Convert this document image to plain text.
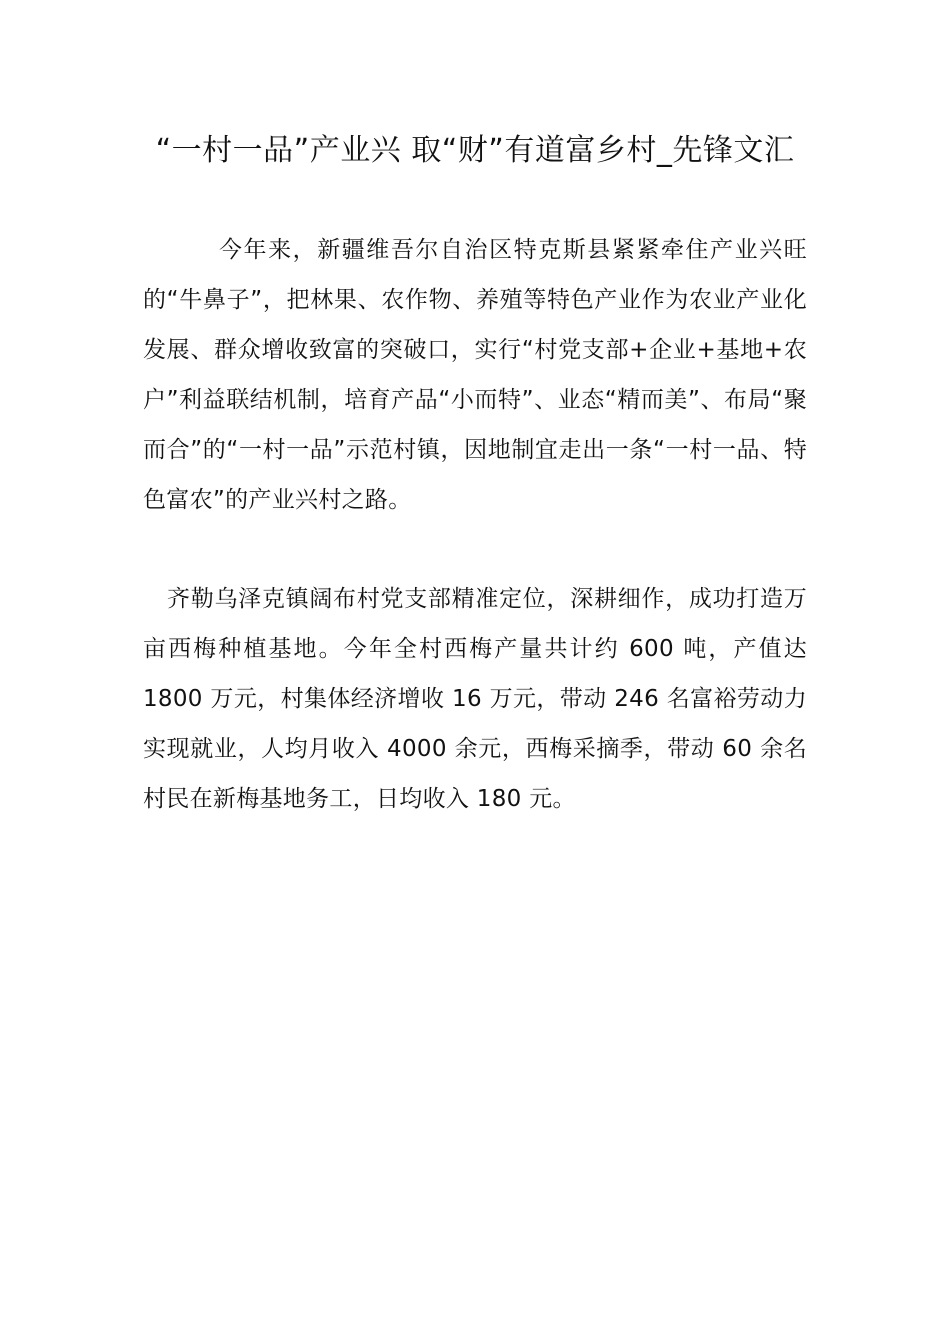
“一村一品”产业兴 取“财”有道富乡村_先锋文汇

今年来，新疆维吾尔自治区特克斯县紧紧牵住产业兴旺的“牛鼻子”，把林果、农作物、养殖等特色产业作为农业产业化发展、群众增收致富的突破口，实行“村党支部+企业+基地+农户”利益联结机制，培育产品“小而特”、业态“精而美”、布局“聚而合”的“一村一品”示范村镇，因地制宜走出一条“一村一品、特色富农”的产业兴村之路。

齐勒乌泽克镇阔布村党支部精准定位，深耕细作，成功打造万亩西梅种植基地。今年全村西梅产量共计约 600 吨，产值达 1800 万元，村集体经济增收 16 万元，带动 246 名富裕劳动力实现就业，人均月收入 4000 余元，西梅采摘季，带动 60 余名村民在新梅基地务工，日均收入 180 元。
